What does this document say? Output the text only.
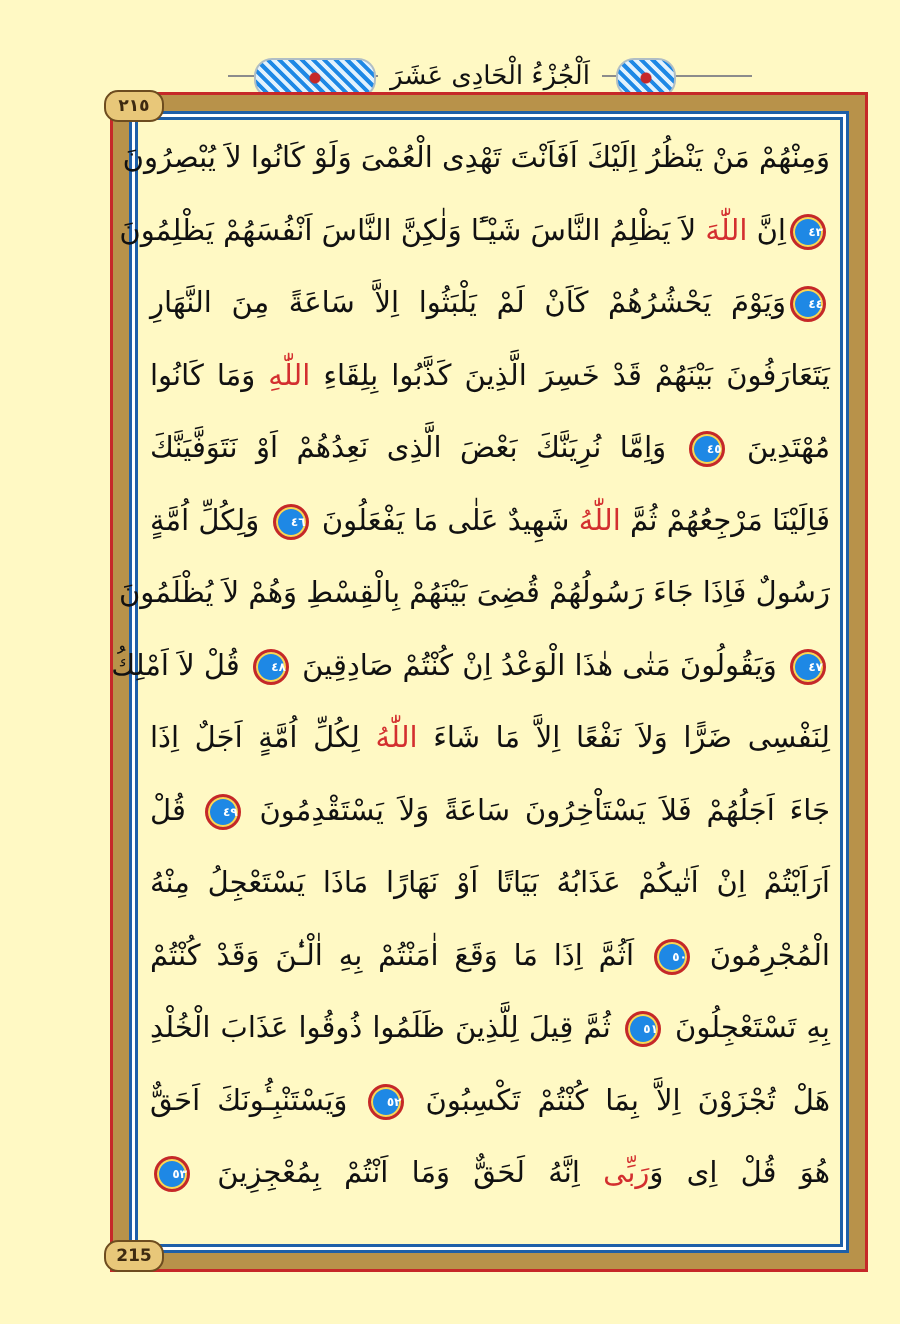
اَلْجُزْءُ الْحَادِى عَشَرَ
٢١٥
215
وَمِنْهُمْ مَنْ يَنْظُرُ اِلَيْكَ اَفَاَنْتَ تَهْدِى الْعُمْىَ وَلَوْ كَانُوا لاَ يُبْصِرُونَ
٤٣اِنَّ اللّٰهَ لاَ يَظْلِمُ النَّاسَ شَيْـًٔا وَلٰكِنَّ النَّاسَ اَنْفُسَهُمْ يَظْلِمُونَ
٤٤وَيَوْمَ يَحْشُرُهُمْ كَاَنْ لَمْ يَلْبَثُوا اِلاَّ سَاعَةً مِنَ النَّهَارِ
يَتَعَارَفُونَ بَيْنَهُمْ قَدْ خَسِرَ الَّذِينَ كَذَّبُوا بِلِقَاءِ اللّٰهِ وَمَا كَانُوا
مُهْتَدِينَ ٤٥ وَاِمَّا نُرِيَنَّكَ بَعْضَ الَّذِى نَعِدُهُمْ اَوْ نَتَوَفَّيَنَّكَ
فَاِلَيْنَا مَرْجِعُهُمْ ثُمَّ اللّٰهُ شَهِيدٌ عَلٰى مَا يَفْعَلُونَ ٤٦ وَلِكُلِّ اُمَّةٍ
رَسُولٌ فَاِذَا جَاءَ رَسُولُهُمْ قُضِىَ بَيْنَهُمْ بِالْقِسْطِ وَهُمْ لاَ يُظْلَمُونَ
٤٧ وَيَقُولُونَ مَتٰى هٰذَا الْوَعْدُ اِنْ كُنْتُمْ صَادِقِينَ ٤٨ قُلْ لاَ اَمْلِكُ
لِنَفْسِى ضَرًّا وَلاَ نَفْعًا اِلاَّ مَا شَاءَ اللّٰهُ لِكُلِّ اُمَّةٍ اَجَلٌ اِذَا
جَاءَ اَجَلُهُمْ فَلاَ يَسْتَاْخِرُونَ سَاعَةً وَلاَ يَسْتَقْدِمُونَ ٤٩ قُلْ
اَرَاَيْتُمْ اِنْ اَتٰيكُمْ عَذَابُهُ بَيَاتًا اَوْ نَهَارًا مَاذَا يَسْتَعْجِلُ مِنْهُ
الْمُجْرِمُونَ ٥٠ اَثُمَّ اِذَا مَا وَقَعَ اٰمَنْتُمْ بِهِ اٰلْـٰٔنَ وَقَدْ كُنْتُمْ
بِهِ تَسْتَعْجِلُونَ ٥١ ثُمَّ قِيلَ لِلَّذِينَ ظَلَمُوا ذُوقُوا عَذَابَ الْخُلْدِ
هَلْ تُجْزَوْنَ اِلاَّ بِمَا كُنْتُمْ تَكْسِبُونَ ٥٢ وَيَسْتَنْبِـُٔونَكَ اَحَقٌّ
هُوَ قُلْ اِى وَرَبِّى اِنَّهُ لَحَقٌّ وَمَا اَنْتُمْ بِمُعْجِزِينَ ٥٣
